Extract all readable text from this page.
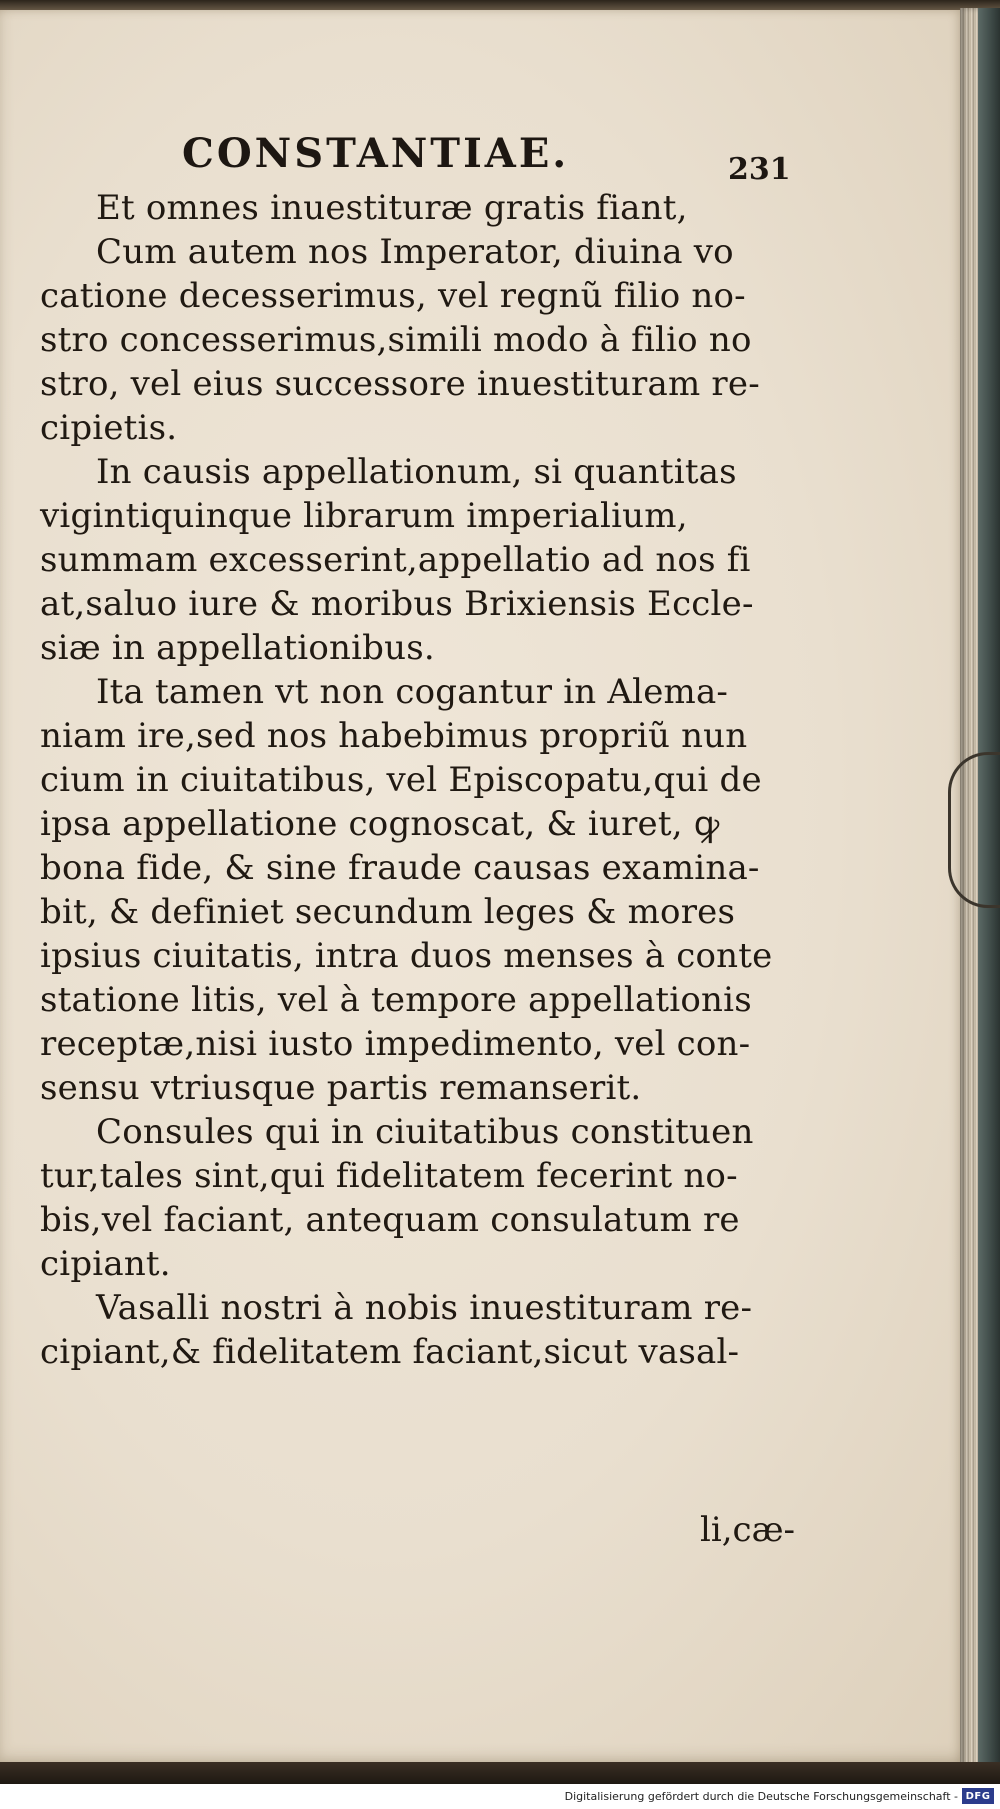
CONSTANTIAE.	231
Et omnes inuestituræ gratis fiant,
Cum autem nos Imperator, diuina vo
catione decesserimus, vel regnũ filio no-
stro concesserimus,simili modo à filio no
stro, vel eius successore inuestituram re-
cipietis.
In causis appellationum, si quantitas
vigintiquinque librarum imperialium,
summam excesserint,appellatio ad nos fi
at,saluo iure & moribus Brixiensis Eccle-
siæ in appellationibus.
Ita tamen vt non cogantur in Alema-
niam ire,sed nos habebimus propriũ nun
cium in ciuitatibus, vel Episcopatu,qui de
ipsa appellatione cognoscat, & iuret, ꝙ
bona fide, & sine fraude causas examina-
bit, & definiet secundum leges & mores
ipsius ciuitatis, intra duos menses à conte
statione litis, vel à tempore appellationis
receptæ,nisi iusto impedimento, vel con-
sensu vtriusque partis remanserit.
Consules qui in ciuitatibus constituen
tur,tales sint,qui fidelitatem fecerint no-
bis,vel faciant, antequam consulatum re
cipiant.
Vasalli nostri à nobis inuestituram re-
cipiant,& fidelitatem faciant,sicut vasal-
li,cæ-
Digitalisierung gefördert durch die Deutsche Forschungsgemeinschaft - DFG
